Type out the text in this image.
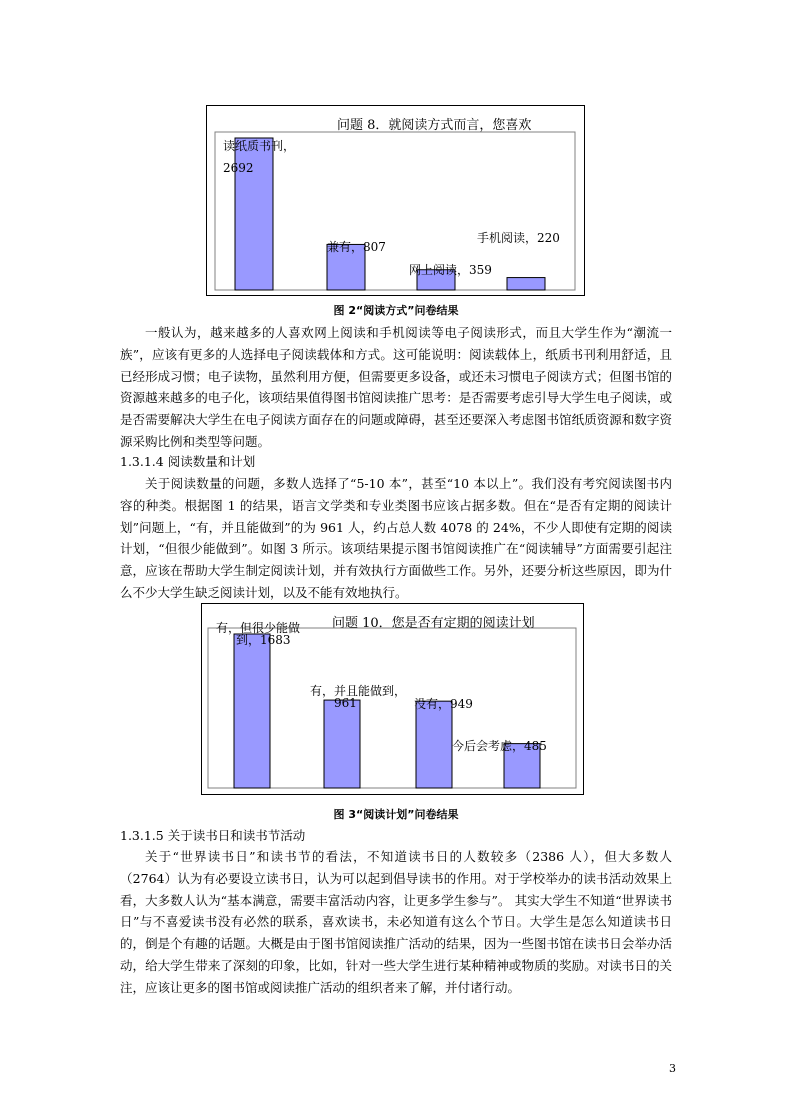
问题 8．就阅读方式而言，您喜欢
读纸质书刊，
兼有，807
网上阅读，359
手机阅读，220
2692
图 2“阅读方式”问卷结果

一般认为，越来越多的人喜欢网上阅读和手机阅读等电子阅读形式，而且大学生作为“潮流一族”，应该有更多的人选择电子阅读载体和方式。这可能说明：阅读载体上，纸质书刊利用舒适，且已经形成习惯；电子读物，虽然利用方便，但需要更多设备，或还未习惯电子阅读方式；但图书馆的资源越来越多的电子化，该项结果值得图书馆阅读推广思考：是否需要考虑引导大学生电子阅读，或是否需要解决大学生在电子阅读方面存在的问题或障碍，甚至还要深入考虑图书馆纸质资源和数字资源采购比例和类型等问题。

1.3.1.4 阅读数量和计划

关于阅读数量的问题，多数人选择了“5-10 本”，甚至“10 本以上”。我们没有考究阅读图书内容的种类。根据图 1 的结果，语言文学类和专业类图书应该占据多数。但在“是否有定期的阅读计划”问题上，“有，并且能做到”的为 961 人，约占总人数 4078 的 24%，不少人即使有定期的阅读计划，“但很少能做到”。如图 3 所示。该项结果提示图书馆阅读推广在“阅读辅导”方面需要引起注意，应该在帮助大学生制定阅读计划，并有效执行方面做些工作。另外，还要分析这些原因，即为什么不少大学生缺乏阅读计划，以及不能有效地执行。

问题 10．您是否有定期的阅读计划
有，但很少能做
有，并且能做到，
没有，949
今后会考虑，485
到，1683
961
图 3“阅读计划”问卷结果

1.3.1.5 关于读书日和读书节活动

关于“世界读书日”和读书节的看法，不知道读书日的人数较多（2386 人），但大多数人（2764）认为有必要设立读书日，认为可以起到倡导读书的作用。对于学校举办的读书活动效果上看，大多数人认为“基本满意，需要丰富活动内容，让更多学生参与”。 其实大学生不知道“世界读书日”与不喜爱读书没有必然的联系，喜欢读书，未必知道有这么个节日。大学生是怎么知道读书日的，倒是个有趣的话题。大概是由于图书馆阅读推广活动的结果，因为一些图书馆在读书日会举办活动，给大学生带来了深刻的印象，比如，针对一些大学生进行某种精神或物质的奖励。对读书日的关注，应该让更多的图书馆或阅读推广活动的组织者来了解，并付诸行动。

3
